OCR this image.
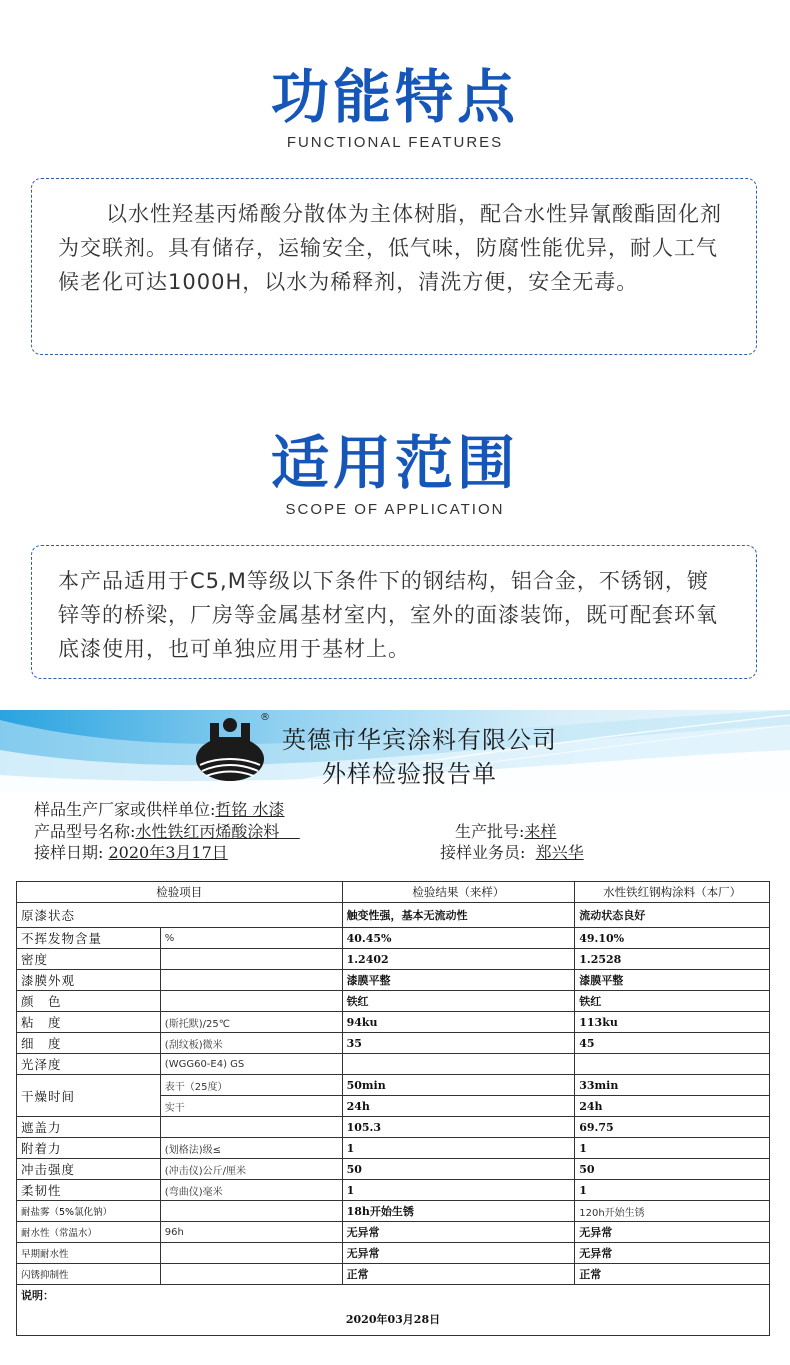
功能特点
FUNCTIONAL FEATURES

以水性羟基丙烯酸分散体为主体树脂，配合水性异氰酸酯固化剂为交联剂。具有储存，运输安全，低气味，防腐性能优异，耐人工气候老化可达1000H，以水为稀释剂，清洗方便，安全无毒。

适用范围
SCOPE OF APPLICATION

本产品适用于C5,M等级以下条件下的钢结构，铝合金，不锈钢，镀锌等的桥梁，厂房等金属基材室内，室外的面漆装饰，既可配套环氧底漆使用，也可单独应用于基材上。

®
英德市华宾涂料有限公司
外样检验报告单
样品生产厂家或供样单位:哲铭 水漆
产品型号名称:水性铁红丙烯酸涂料	生产批号:来样
接样日期: 2020年3月17日	接样业务员: 郑兴华
检验项目		检验结果（来样）	水性铁红钢构涂料（本厂）
原漆状态		触变性强，基本无流动性	流动状态良好
不挥发物含量	%	40.45%	49.10%
密度		1.2402	1.2528
漆膜外观		漆膜平整	漆膜平整
颜　色		铁红	铁红
粘　度	(斯托默)/25℃	94ku	113ku
细　度	(刮纹板)微米	35	45
光泽度	(WGG60-E4) GS		
干燥时间	表干（25度）	50min	33min
	实干	24h	24h
遮盖力		105.3	69.75
附着力	(划格法)级≤	1	1
冲击强度	(冲击仪)公斤/厘米	50	50
柔韧性	(弯曲仪)毫米	1	1
耐盐雾（5%氯化钠）		18h开始生锈	120h开始生锈
耐水性（常温水）	96h	无异常	无异常
早期耐水性		无异常	无异常
闪锈抑制性		正常	正常

说明：
2020年03月28日			
